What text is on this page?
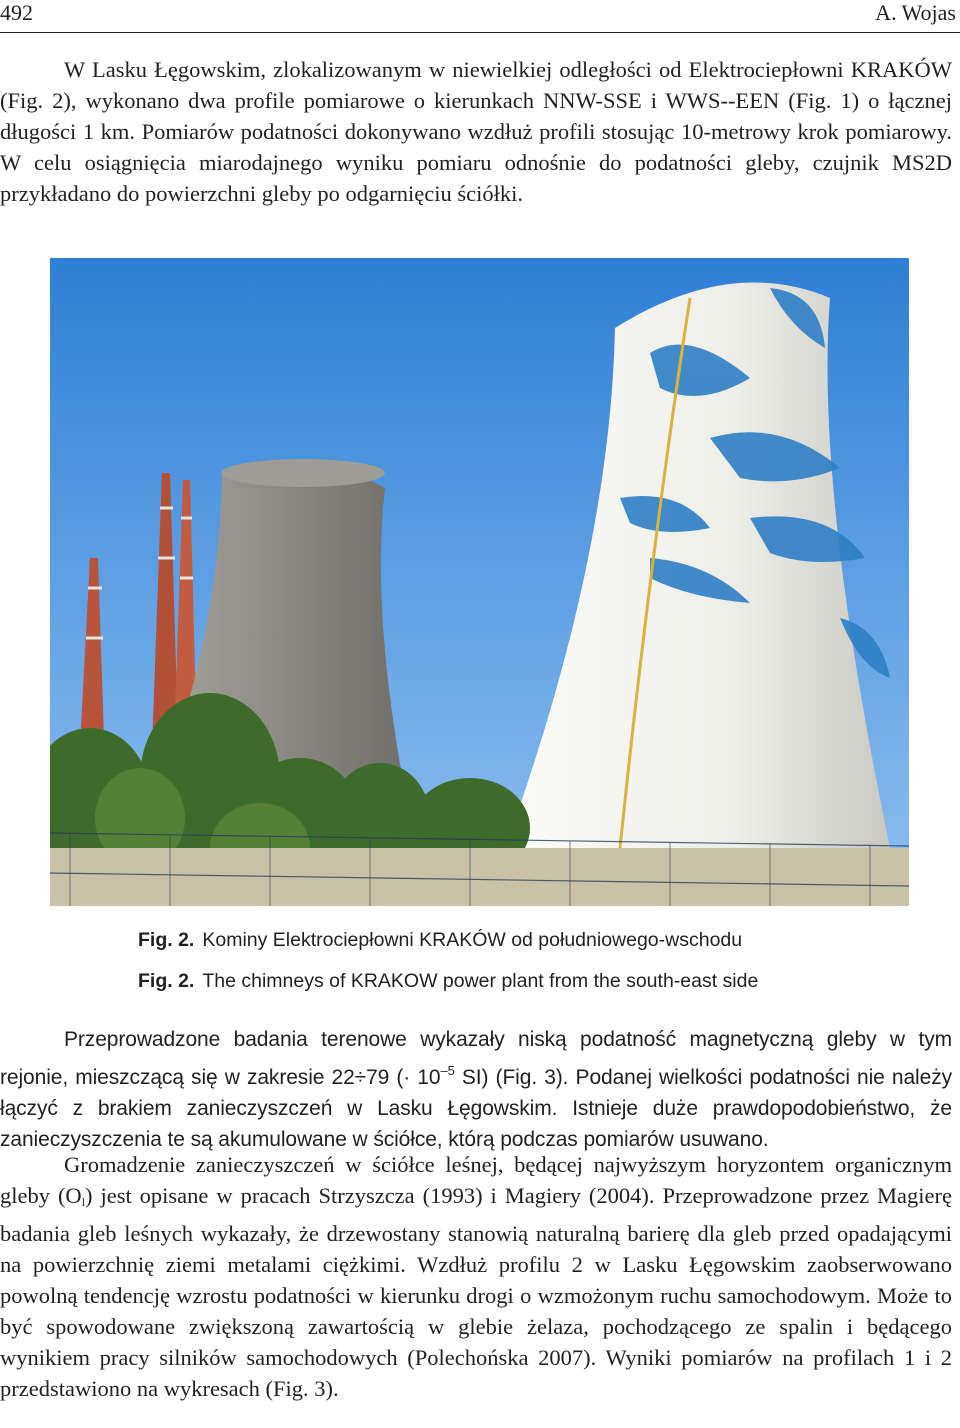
492	A. Wojas

W Lasku Łęgowskim, zlokalizowanym w niewielkiej odległości od Elektrociepłowni KRAKÓW (Fig. 2), wykonano dwa profile pomiarowe o kierunkach NNW-SSE i WWS--EEN (Fig. 1) o łącznej długości 1 km. Pomiarów podatności dokonywano wzdłuż profili stosując 10-metrowy krok pomiarowy. W celu osiągnięcia miarodajnego wyniku pomiaru odnośnie do podatności gleby, czujnik MS2D przykładano do powierzchni gleby po odgarnięciu ściółki.

Fig. 2. Kominy Elektrociepłowni KRAKÓW od południowego-wschodu
Fig. 2. The chimneys of KRAKOW power plant from the south-east side

Przeprowadzone badania terenowe wykazały niską podatność magnetyczną gleby w tym rejonie, mieszczącą się w zakresie 22÷79 (· $10^{-5}$ SI) (Fig. 3). Podanej wielkości podatności nie należy łączyć z brakiem zanieczyszczeń w Lasku Łęgowskim. Istnieje duże prawdopodobieństwo, że zanieczyszczenia te są akumulowane w ściółce, którą podczas pomiarów usuwano.

Gromadzenie zanieczyszczeń w ściółce leśnej, będącej najwyższym horyzontem organicznym gleby $(O_l)$ jest opisane w pracach Strzyszcza (1993) i Magiery (2004). Przeprowadzone przez Magierę badania gleb leśnych wykazały, że drzewostany stanowią naturalną barierę dla gleb przed opadającymi na powierzchnię ziemi metalami ciężkimi. Wzdłuż profilu 2 w Lasku Łęgowskim zaobserwowano powolną tendencję wzrostu podatności w kierunku drogi o wzmożonym ruchu samochodowym. Może to być spowodowane zwiększoną zawartością w glebie żelaza, pochodzącego ze spalin i będącego wynikiem pracy silników samochodowych (Polechońska 2007). Wyniki pomiarów na profilach 1 i 2 przedstawiono na wykresach (Fig. 3).
